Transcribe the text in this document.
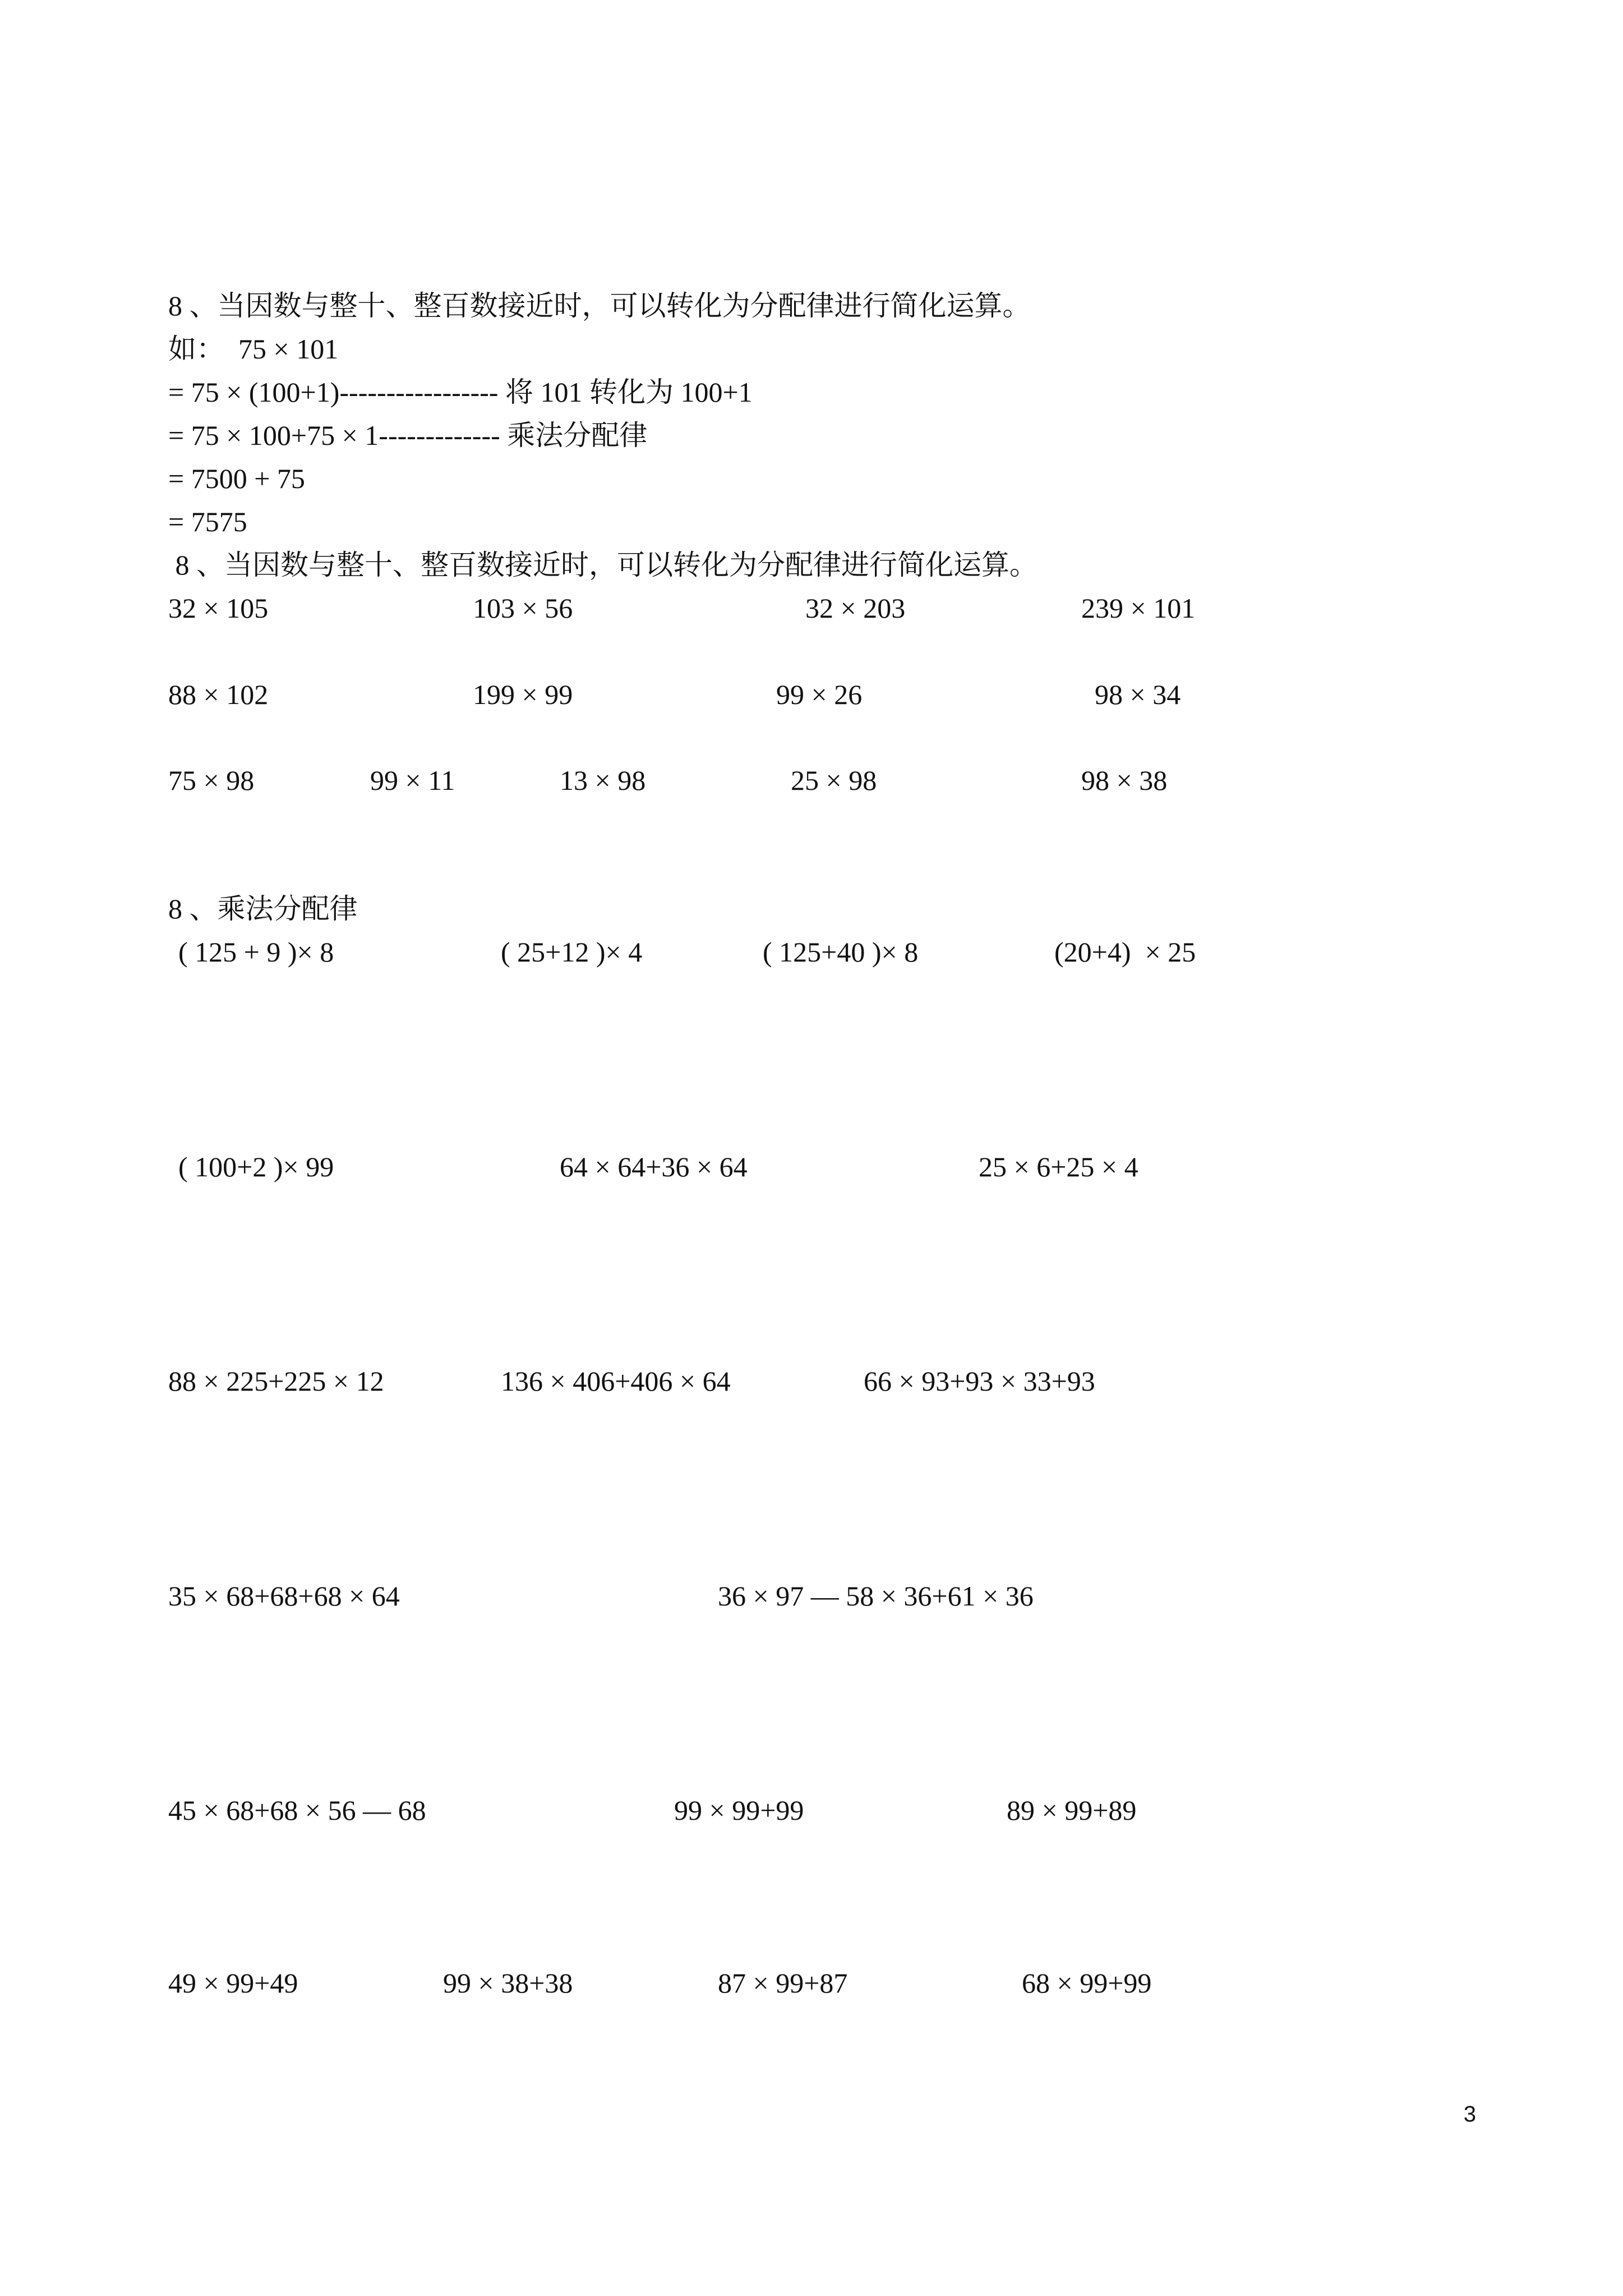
8 、当因数与整十、整百数接近时，可以转化为分配律进行简化运算。
如：  75 × 101
= 75 × (100+1)----------------- 将 101 转化为 100+1
= 75 × 100+75 × 1------------- 乘法分配律
= 7500 + 75
= 7575
8 、当因数与整十、整百数接近时，可以转化为分配律进行简化运算。
32 × 105	103 × 56	32 × 203	239 × 101
88 × 102	199 × 99	99 × 26	98 × 34
75 × 98	99 × 11	13 × 98	25 × 98	98 × 38
8 、乘法分配律
( 125 + 9 )× 8	( 25+12 )× 4	( 125+40 )× 8	(20+4)  × 25
( 100+2 )× 99	64 × 64+36 × 64	25 × 6+25 × 4
88 × 225+225 × 12	136 × 406+406 × 64	66 × 93+93 × 33+93
35 × 68+68+68 × 64	36 × 97 — 58 × 36+61 × 36
45 × 68+68 × 56 — 68	99 × 99+99	89 × 99+89
49 × 99+49	99 × 38+38	87 × 99+87	68 × 99+99
3
